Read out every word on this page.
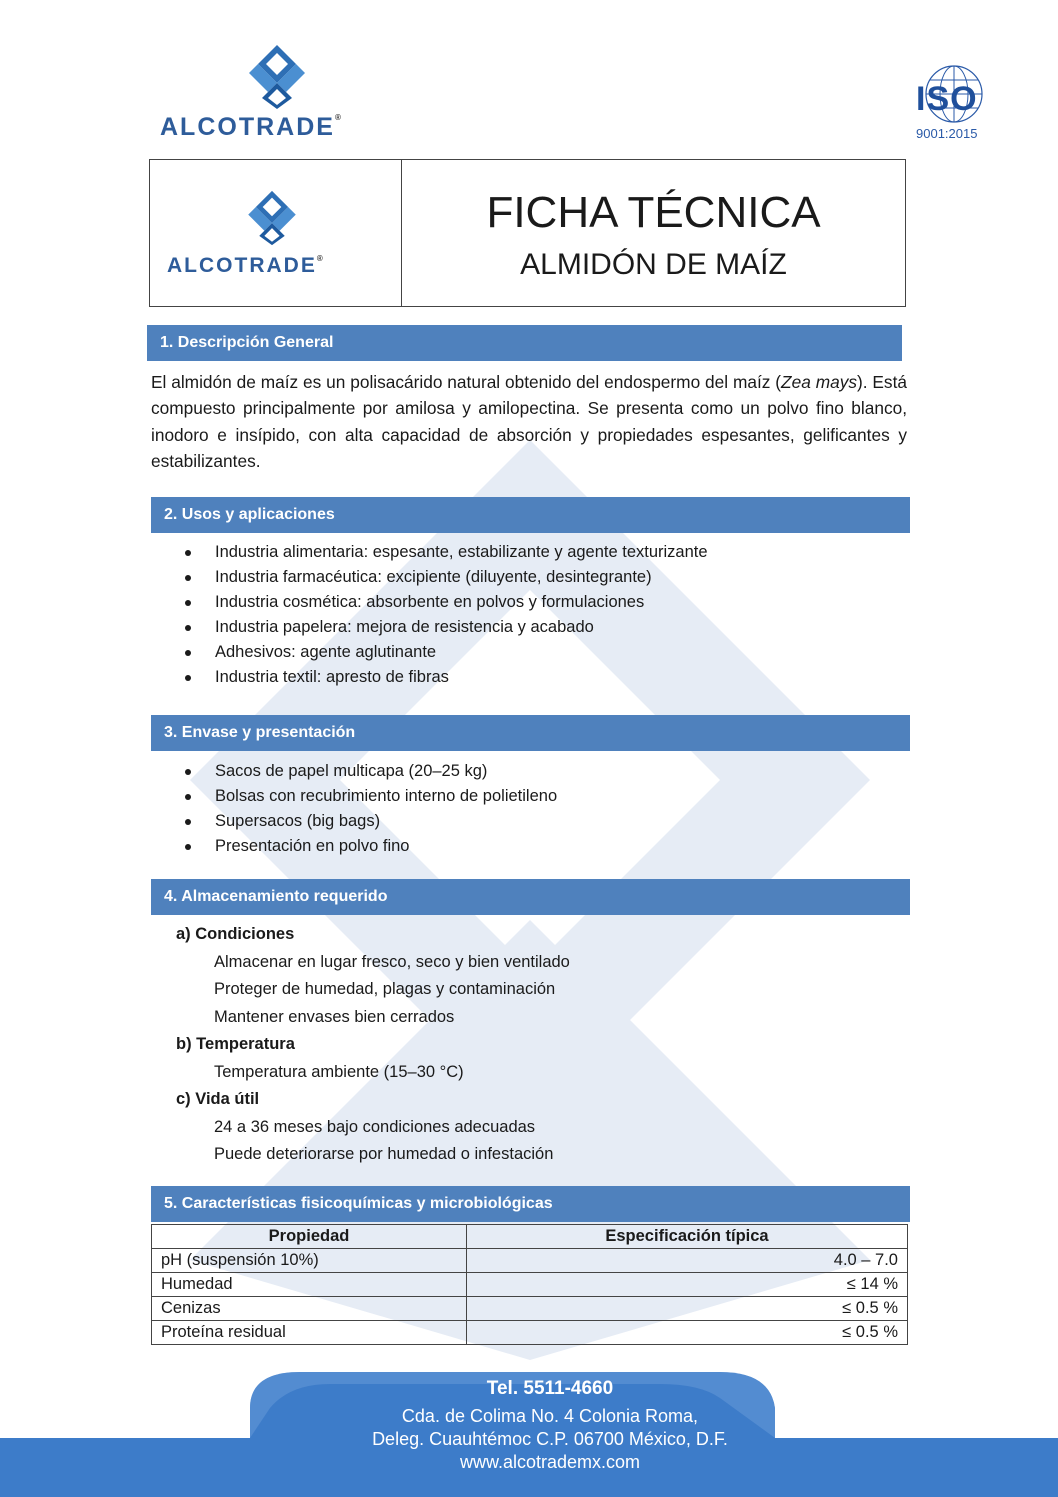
ALCOTRADE®	ISO
9001:2015
ALCOTRADE®
FICHA TÉCNICA
ALMIDÓN DE MAÍZ
1. Descripción General
El almidón de maíz es un polisacárido natural obtenido del endospermo del maíz (Zea mays). Está compuesto principalmente por amilosa y amilopectina. Se presenta como un polvo fino blanco, inodoro e insípido, con alta capacidad de absorción y propiedades espesantes, gelificantes y estabilizantes.
2. Usos y aplicaciones
Industria alimentaria: espesante, estabilizante y agente texturizante
Industria farmacéutica: excipiente (diluyente, desintegrante)
Industria cosmética: absorbente en polvos y formulaciones
Industria papelera: mejora de resistencia y acabado
Adhesivos: agente aglutinante
Industria textil: apresto de fibras
3. Envase y presentación
Sacos de papel multicapa (20–25 kg)
Bolsas con recubrimiento interno de polietileno
Supersacos (big bags)
Presentación en polvo fino
4. Almacenamiento requerido
a) Condiciones
Almacenar en lugar fresco, seco y bien ventilado
Proteger de humedad, plagas y contaminación
Mantener envases bien cerrados
b) Temperatura
Temperatura ambiente (15–30 °C)
c) Vida útil
24 a 36 meses bajo condiciones adecuadas
Puede deteriorarse por humedad o infestación
5. Características fisicoquímicas y microbiológicas
Propiedad	Especificación típica
pH (suspensión 10%)	4.0 – 7.0
Humedad	≤ 14 %
Cenizas	≤ 0.5 %
Proteína residual	≤ 0.5 %
Tel. 5511-4660
Cda. de Colima No. 4 Colonia Roma,
Deleg. Cuauhtémoc C.P. 06700 México, D.F.
www.alcotrademx.com
